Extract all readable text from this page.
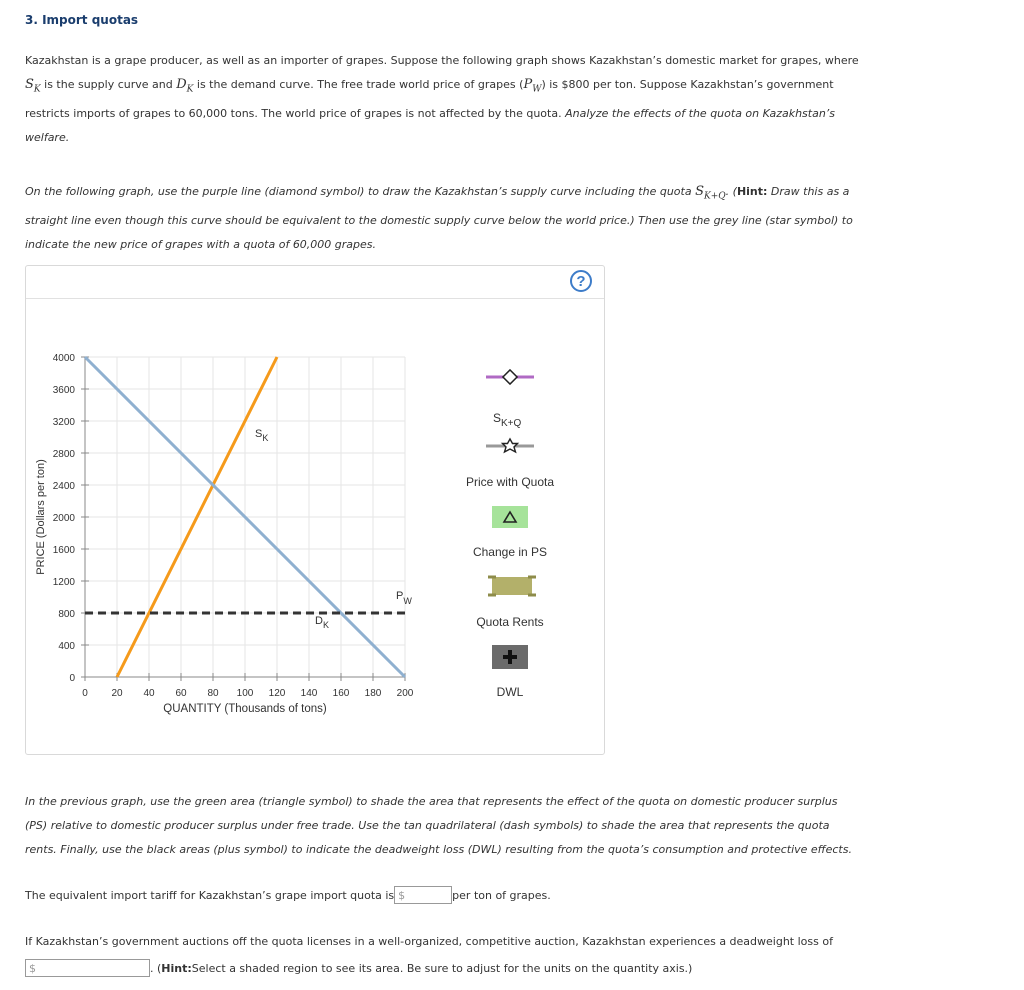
3. Import quotas
Kazakhstan is a grape producer, as well as an importer of grapes. Suppose the following graph shows Kazakhstan’s domestic market for grapes, where
$S_K$ is the supply curve and $D_K$ is the demand curve. The free trade world price of grapes $(P_W)$ is $800 per ton. Suppose Kazakhstan’s government
restricts imports of grapes to 60,000 tons. The world price of grapes is not affected by the quota. Analyze the effects of the quota on Kazakhstan’s
welfare.
On the following graph, use the purple line (diamond symbol) to draw the Kazakhstan’s supply curve including the quota $S_{K+Q}$. (Hint: Draw this as a
straight line even though this curve should be equivalent to the domestic supply curve below the world price.) Then use the grey line (star symbol) to
indicate the new price of grapes with a quota of 60,000 grapes.
?
0 20 40 60 80 100 120 140 160 180 200
0
400
800
1200
1600
2000
2400
2800
3200
3600
4000
QUANTITY (Thousands of tons)
PRICE (Dollars per ton)
$S_K$
$D_K$
$P_W$
$S_{K+Q}$
Price with Quota
Change in PS
Quota Rents
DWL
In the previous graph, use the green area (triangle symbol) to shade the area that represents the effect of the quota on domestic producer surplus
(PS) relative to domestic producer surplus under free trade. Use the tan quadrilateral (dash symbols) to shade the area that represents the quota
rents. Finally, use the black areas (plus symbol) to indicate the deadweight loss (DWL) resulting from the quota’s consumption and protective effects.
The equivalent import tariff for Kazakhstan’s grape import quota is $	per ton of grapes.
If Kazakhstan’s government auctions off the quota licenses in a well-organized, competitive auction, Kazakhstan experiences a deadweight loss of
$	. ( Hint: Select a shaded region to see its area. Be sure to adjust for the units on the quantity axis.)
